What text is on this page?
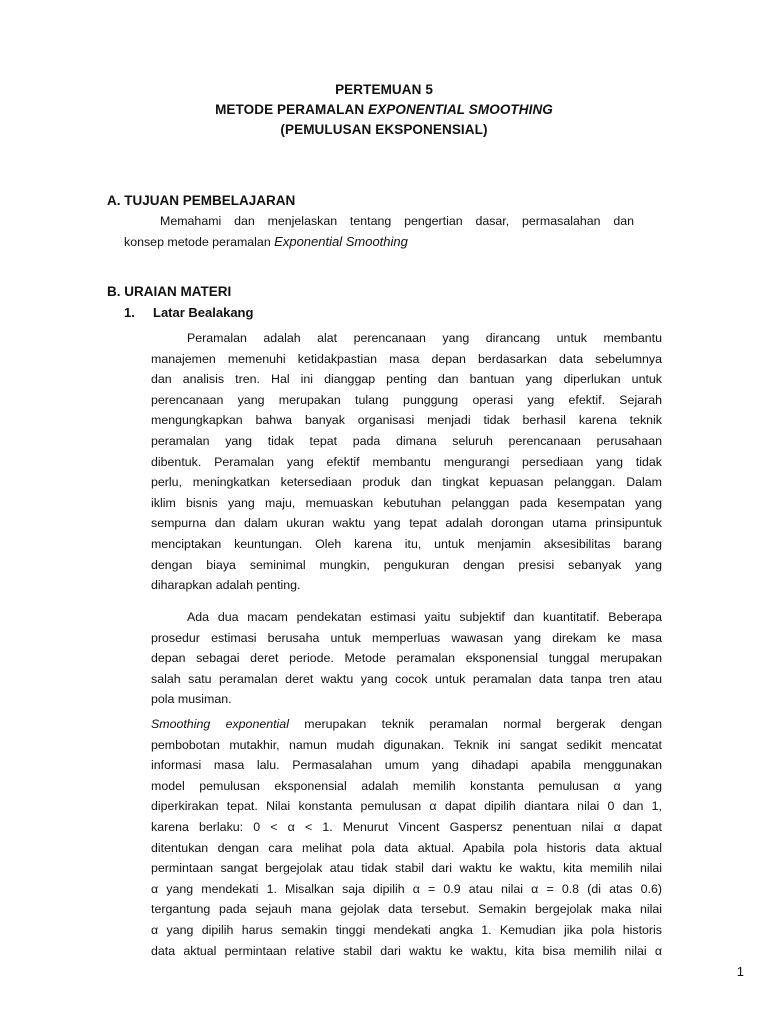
PERTEMUAN 5
METODE PERAMALAN EXPONENTIAL SMOOTHING
(PEMULUSAN EKSPONENSIAL)
A. TUJUAN PEMBELAJARAN
Memahami dan menjelaskan tentang pengertian dasar, permasalahan dan
konsep metode peramalan Exponential Smoothing
B. URAIAN MATERI
1. Latar Bealakang
Peramalan adalah alat perencanaan yang dirancang untuk membantu
manajemen memenuhi ketidakpastian masa depan berdasarkan data sebelumnya
dan analisis tren. Hal ini dianggap penting dan bantuan yang diperlukan untuk
perencanaan yang merupakan tulang punggung operasi yang efektif. Sejarah
mengungkapkan bahwa banyak organisasi menjadi tidak berhasil karena teknik
peramalan yang tidak tepat pada dimana seluruh perencanaan perusahaan
dibentuk. Peramalan yang efektif membantu mengurangi persediaan yang tidak
perlu, meningkatkan ketersediaan produk dan tingkat kepuasan pelanggan. Dalam
iklim bisnis yang maju, memuaskan kebutuhan pelanggan pada kesempatan yang
sempurna dan dalam ukuran waktu yang tepat adalah dorongan utama prinsipuntuk
menciptakan keuntungan. Oleh karena itu, untuk menjamin aksesibilitas barang
dengan biaya seminimal mungkin, pengukuran dengan presisi sebanyak yang
diharapkan adalah penting.
Ada dua macam pendekatan estimasi yaitu subjektif dan kuantitatif. Beberapa
prosedur estimasi berusaha untuk memperluas wawasan yang direkam ke masa
depan sebagai deret periode. Metode peramalan eksponensial tunggal merupakan
salah satu peramalan deret waktu yang cocok untuk peramalan data tanpa tren atau
pola musiman.
Smoothing exponential merupakan teknik peramalan normal bergerak dengan
pembobotan mutakhir, namun mudah digunakan. Teknik ini sangat sedikit mencatat
informasi masa lalu. Permasalahan umum yang dihadapi apabila menggunakan
model pemulusan eksponensial adalah memilih konstanta pemulusan α yang
diperkirakan tepat. Nilai konstanta pemulusan α dapat dipilih diantara nilai 0 dan 1,
karena berlaku: 0 < α < 1. Menurut Vincent Gaspersz penentuan nilai α dapat
ditentukan dengan cara melihat pola data aktual. Apabila pola historis data aktual
permintaan sangat bergejolak atau tidak stabil dari waktu ke waktu, kita memilih nilai
α yang mendekati 1. Misalkan saja dipilih α = 0.9 atau nilai α = 0.8 (di atas 0.6)
tergantung pada sejauh mana gejolak data tersebut. Semakin bergejolak maka nilai
α yang dipilih harus semakin tinggi mendekati angka 1. Kemudian jika pola historis
data aktual permintaan relative stabil dari waktu ke waktu, kita bisa memilih nilai α
1
